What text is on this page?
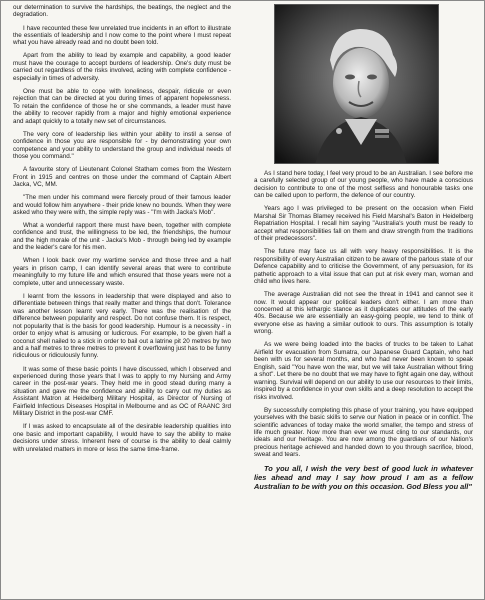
our determination to survive the hardships, the beatings, the neglect and the degradation.

I have recounted these few unrelated true incidents in an effort to illustrate the essentials of leadership and I now come to the point where I must repeat what you have already read and no doubt been told.

Apart from the ability to lead by example and capability, a good leader must have the courage to accept burdens of leadership. One's duty must be carried out regardless of the risks involved, acting with complete confidence - especially in times of adversity.

One must be able to cope with loneliness, despair, ridicule or even rejection that can be directed at you during times of apparent hopelessness. To retain the confidence of those he or she commands, a leader must have the ability to recover rapidly from a major and highly emotional experience and adapt quickly to a totally new set of circumstances.

The very core of leadership lies within your ability to instil a sense of confidence in those you are responsible for - by demonstrating your own competence and your ability to understand the group and individual needs of those you command."

A favourite story of Lieutenant Colonel Statham comes from the Western Front in 1915 and centres on those under the command of Captain Albert Jacka, VC, MM.

"The men under his command were fiercely proud of their famous leader and would follow him anywhere - their pride knew no bounds. When they were asked who they were with, the simple reply was - "I'm with Jacka's Mob".

What a wonderful rapport there must have been, together with complete confidence and trust, the willingness to be led, the friendships, the humour and the high morale of the unit - Jacka's Mob - through being led by example and the leader's care for his men.

When I look back over my wartime service and those three and a half years in prison camp, I can identify several areas that were to contribute meaningfully to my future life and which ensured that those years were not a complete, utter and unnecessary waste.

I learnt from the lessons in leadership that were displayed and also to differentiate between things that really matter and things that don't. Tolerance was another lesson learnt very early. There was the realisation of the difference between popularity and respect. Do not confuse them. It is respect, not popularity that is the basis for good leadership. Humour is a necessity - in order to enjoy what is amusing or ludicrous. For example, to be given half a coconut shell nailed to a stick in order to bail out a latrine pit 20 metres by two and a half metres to three metres to prevent it overflowing just has to be funny ridiculous or ridiculously funny.

It was some of these basic points I have discussed, which I observed and experienced during those years that I was to apply to my Nursing and Army career in the post-war years. They held me in good stead during many a situation and gave me the confidence and ability to carry out my duties as Assistant Matron at Heidelberg Military Hospital, as Director of Nursing of Fairfield Infectious Diseases Hospital in Melbourne and as OC of RAANC 3rd Military District in the post-war CMF.

If I was asked to encapsulate all of the desirable leadership qualities into one basic and important capability, I would have to say the ability to make decisions under stress. Inherent here of course is the ability to deal calmly with unrelated matters in more or less the same time-frame.

As I stand here today, I feel very proud to be an Australian. I see before me a carefully selected group of our young people, who have made a conscious decision to contribute to one of the most selfless and honourable tasks one can be called upon to perform, the defence of our country.

Years ago I was privileged to be present on the occasion when Field Marshal Sir Thomas Blamey received his Field Marshal's Baton in Heidelberg Repatriation Hospital. I recall him saying "Australia's youth must be ready to accept what responsibilities fall on them and draw strength from the traditions of their predecessors".

The future may face us all with very heavy responsibilities. It is the responsibility of every Australian citizen to be aware of the parlous state of our Defence capability and to criticise the Government, of any persuasion, for its pathetic approach to a vital issue that can put at risk every man, woman and child who lives here.

The average Australian did not see the threat in 1941 and cannot see it now. It would appear our political leaders don't either. I am more than concerned at this lethargic stance as it duplicates our attitudes of the early 40s. Because we are essentially an easy-going people, we tend to think of everyone else as having a similar outlook to ours. This assumption is totally wrong.

As we were being loaded into the backs of trucks to be taken to Lahat Airfield for evacuation from Sumatra, our Japanese Guard Captain, who had been with us for several months, and who had never been known to speak English, said "You have won the war, but we will take Australian without firing a shot". Let there be no doubt that we may have to fight again one day, without warning. Survival will depend on our ability to use our resources to their limits, inspired by a confidence in your own skills and a deep resolution to accept the risks involved.

By successfully completing this phase of your training, you have equipped yourselves with the basic skills to serve our Nation in peace or in conflict. The scientific advances of today make the world smaller, the tempo and stress of life much greater. Now more than ever we must cling to our standards, our ideals and our heritage. You are now among the guardians of our Nation's precious heritage achieved and handed down to you through sacrifice, blood, sweat and tears.

To you all, I wish the very best of good luck in whatever lies ahead and may I say how proud I am as a fellow Australian to be with you on this occasion. God Bless you all"
